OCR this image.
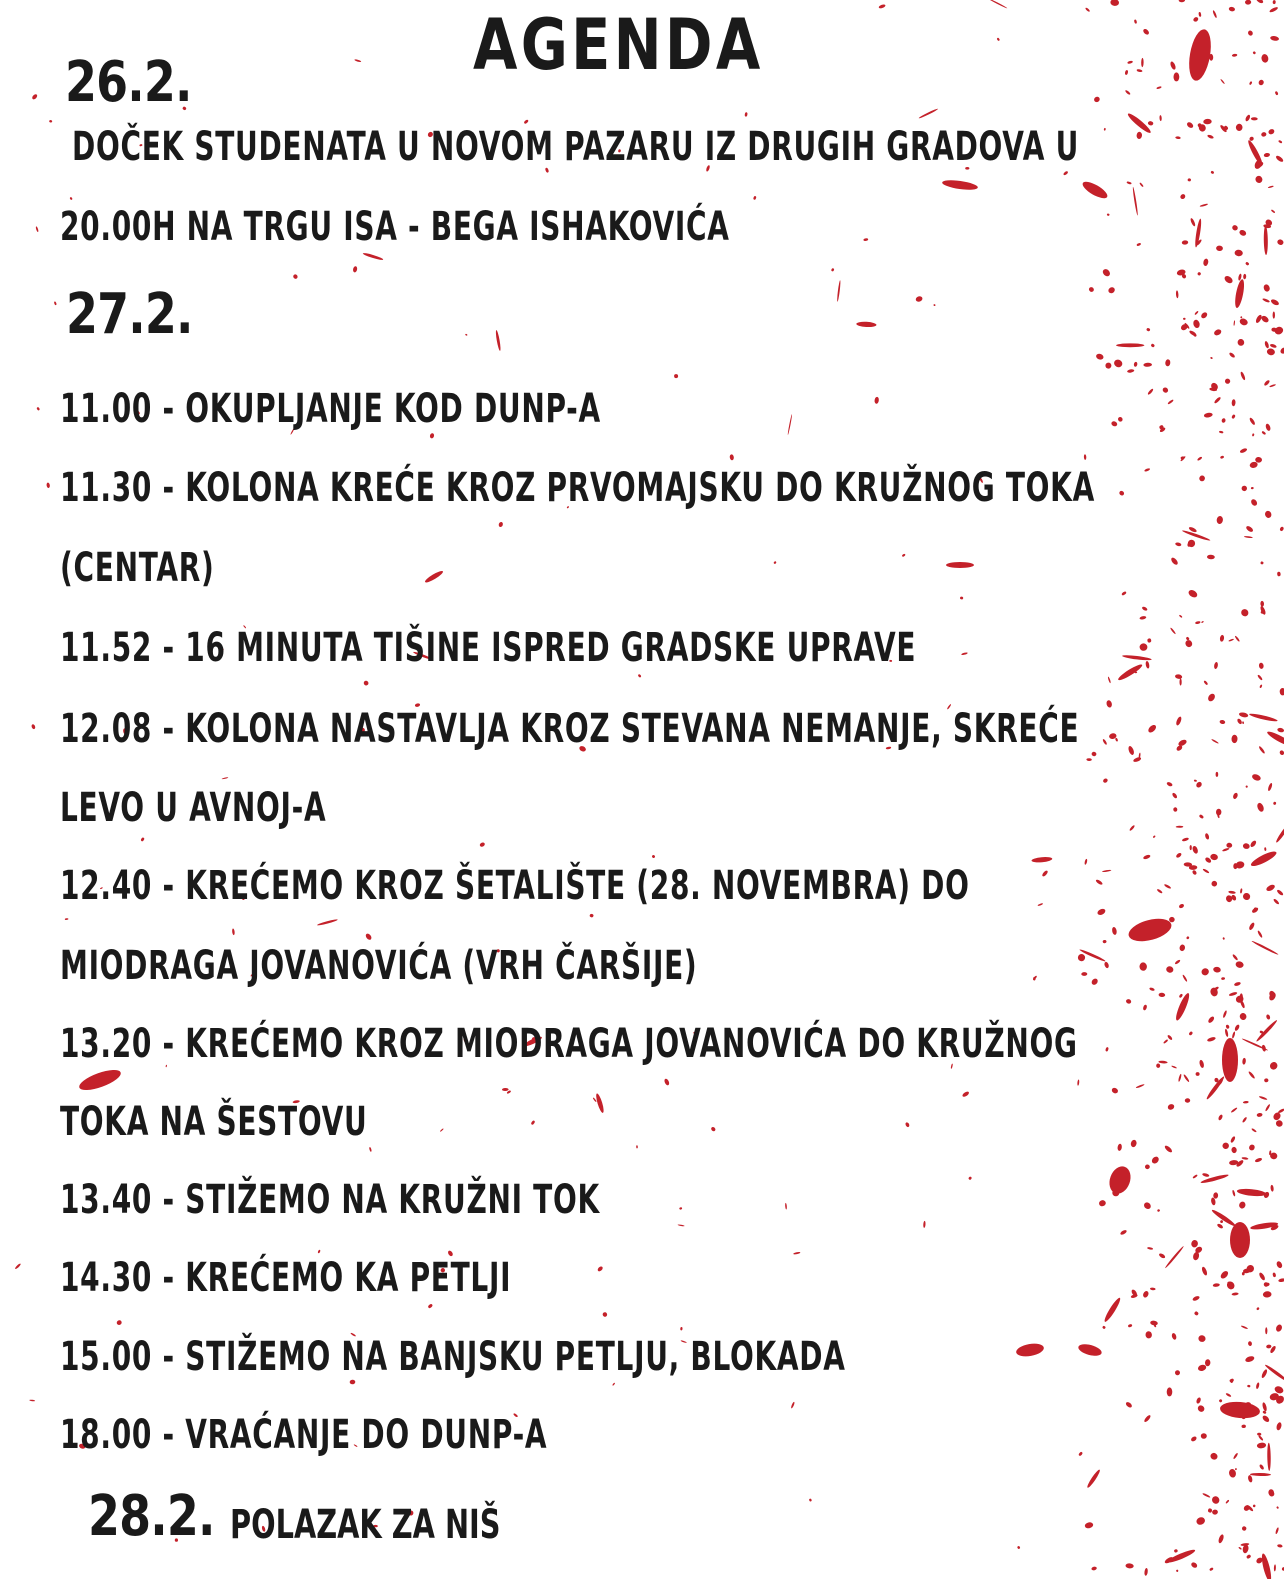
AGENDA
26.2.
DOČEK STUDENATA U NOVOM PAZARU IZ DRUGIH GRADOVA U
20.00H NA TRGU ISA - BEGA ISHAKOVIĆA
27.2.
11.00 - OKUPLJANJE KOD DUNP-A
11.30 - KOLONA KREĆE KROZ PRVOMAJSKU DO KRUŽNOG TOKA
(CENTAR)
11.52 - 16 MINUTA TIŠINE ISPRED GRADSKE UPRAVE
12.08 - KOLONA NASTAVLJA KROZ STEVANA NEMANJE, SKREĆE
LEVO U AVNOJ-A
12.40 - KREĆEMO KROZ ŠETALIŠTE (28. NOVEMBRA) DO
MIODRAGA JOVANOVIĆA (VRH ČARŠIJE)
13.20 - KREĆEMO KROZ MIODRAGA JOVANOVIĆA DO KRUŽNOG
TOKA NA ŠESTOVU
13.40 - STIŽEMO NA KRUŽNI TOK
14.30 - KREĆEMO KA PETLJI
15.00 - STIŽEMO NA BANJSKU PETLJU, BLOKADA
18.00 - VRAĆANJE DO DUNP-A
28.2. POLAZAK ZA NIŠ
